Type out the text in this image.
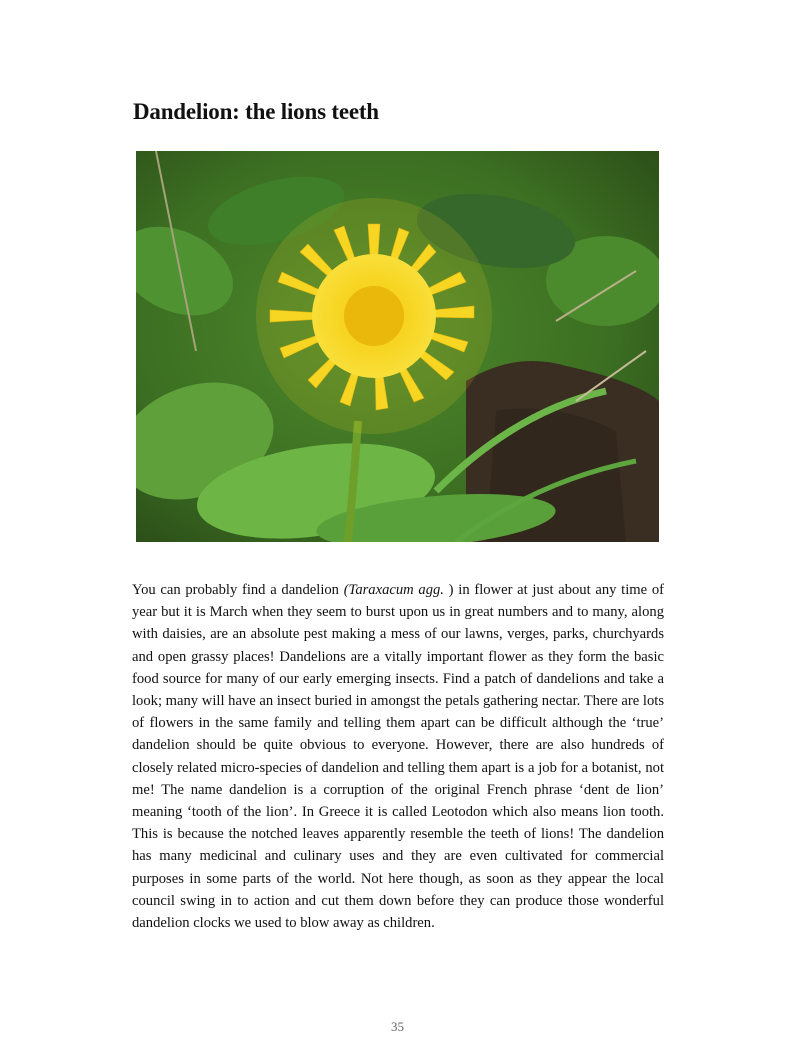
Dandelion: the lions teeth

You can probably find a dandelion (Taraxacum agg. ) in flower at just about any time of year but it is March when they seem to burst upon us in great numbers and to many, along with daisies, are an absolute pest making a mess of our lawns, verges, parks, churchyards and open grassy places! Dandelions are a vitally important flower as they form the basic food source for many of our early emerging insects. Find a patch of dandelions and take a look; many will have an insect buried in amongst the petals gathering nectar. There are lots of flowers in the same family and telling them apart can be difficult although the ‘true’ dandelion should be quite obvious to everyone. However, there are also hundreds of closely related micro-species of dandelion and telling them apart is a job for a botanist, not me! The name dandelion is a corruption of the original French phrase ‘dent de lion’ meaning ‘tooth of the lion’. In Greece it is called Leotodon which also means lion tooth. This is because the notched leaves apparently resemble the teeth of lions! The dandelion has many medicinal and culinary uses and they are even cultivated for commercial purposes in some parts of the world. Not here though, as soon as they appear the local council swing in to action and cut them down before they can produce those wonderful dandelion clocks we used to blow away as children.

35
